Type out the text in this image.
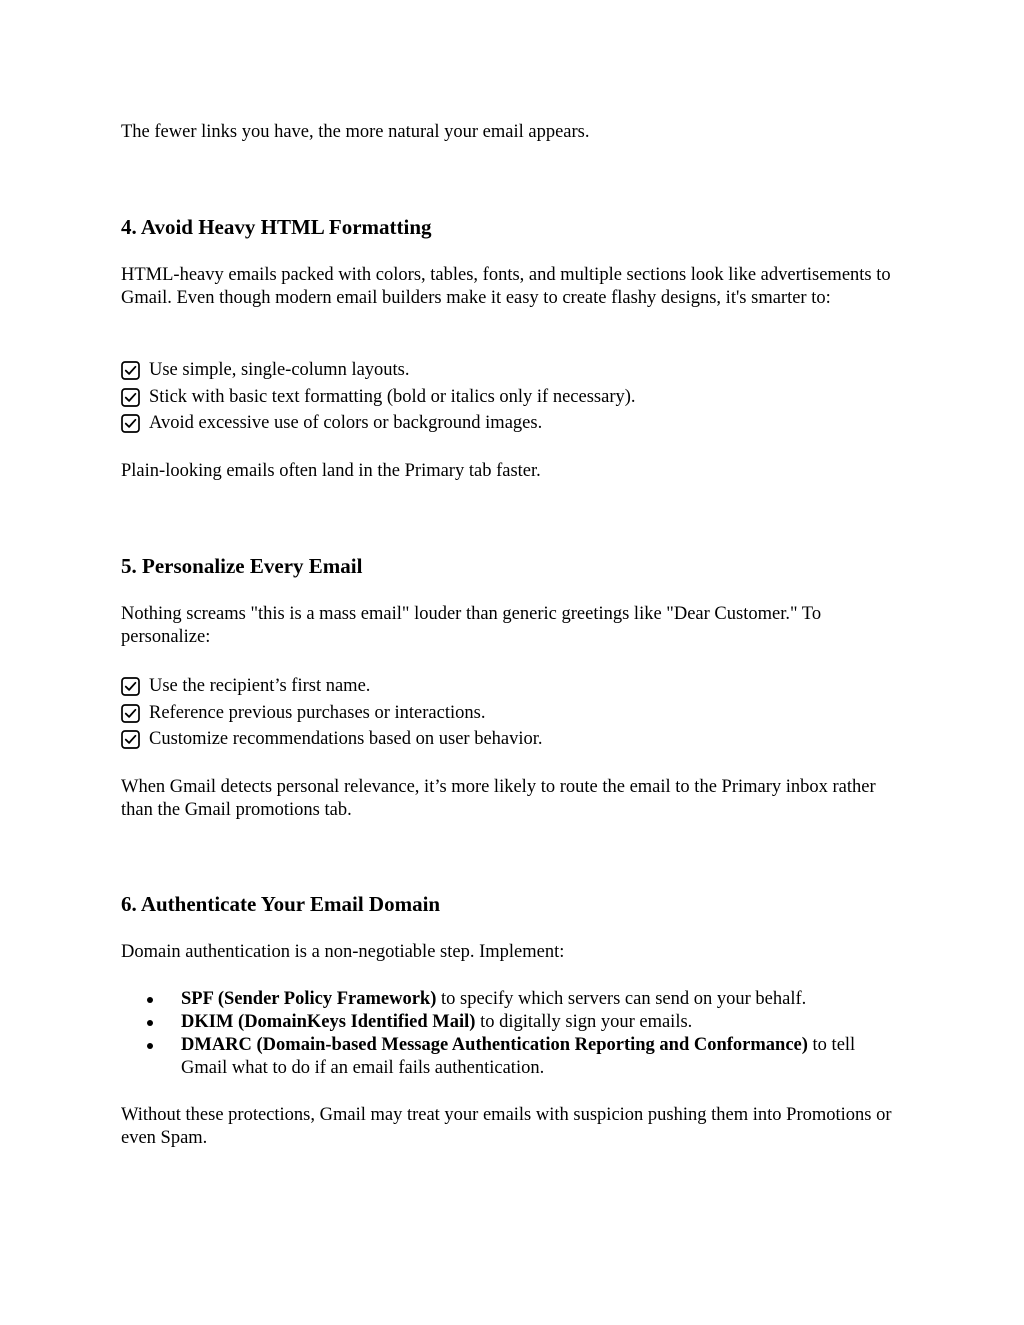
The fewer links you have, the more natural your email appears.

4. Avoid Heavy HTML Formatting

HTML-heavy emails packed with colors, tables, fonts, and multiple sections look like advertisements to Gmail. Even though modern email builders make it easy to create flashy designs, it's smarter to:

Use simple, single-column layouts.
Stick with basic text formatting (bold or italics only if necessary).
Avoid excessive use of colors or background images.

Plain-looking emails often land in the Primary tab faster.

5. Personalize Every Email

Nothing screams "this is a mass email" louder than generic greetings like "Dear Customer." To personalize:

Use the recipient’s first name.
Reference previous purchases or interactions.
Customize recommendations based on user behavior.

When Gmail detects personal relevance, it’s more likely to route the email to the Primary inbox rather than the Gmail promotions tab.

6. Authenticate Your Email Domain

Domain authentication is a non-negotiable step. Implement:

SPF (Sender Policy Framework) to specify which servers can send on your behalf.
DKIM (DomainKeys Identified Mail) to digitally sign your emails.
DMARC (Domain-based Message Authentication Reporting and Conformance) to tell Gmail what to do if an email fails authentication.

Without these protections, Gmail may treat your emails with suspicion pushing them into Promotions or even Spam.
